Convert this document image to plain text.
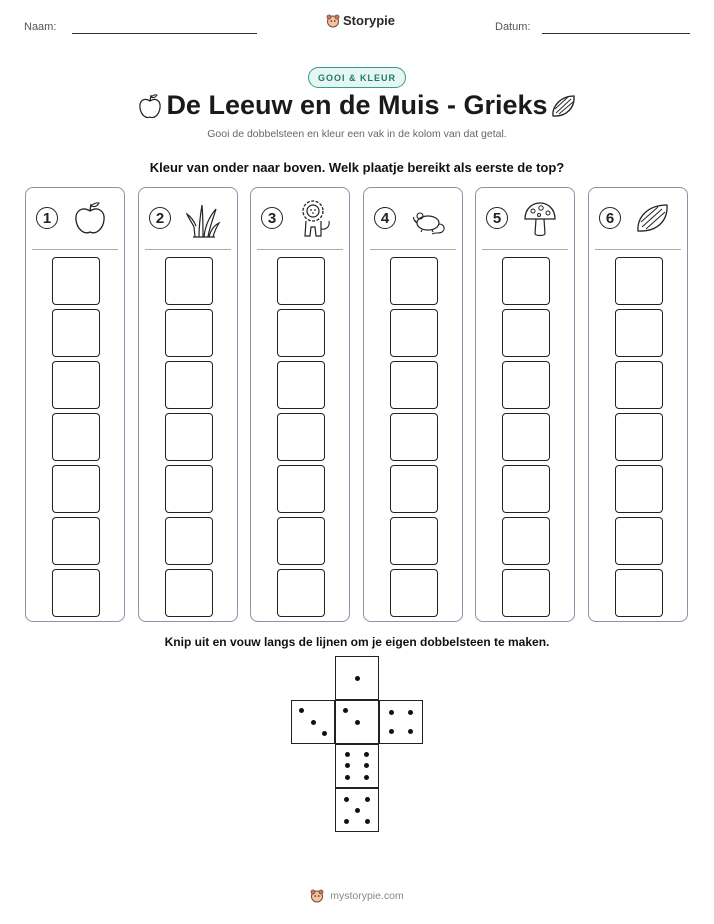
Naam:	Storypie	Datum:
GOOI & KLEUR
De Leeuw en de Muis - Grieks
Gooi de dobbelsteen en kleur een vak in de kolom van dat getal.
Kleur van onder naar boven. Welk plaatje bereikt als eerste de top?
1	2	3	4	5	6
Knip uit en vouw langs de lijnen om je eigen dobbelsteen te maken.
mystorypie.com
